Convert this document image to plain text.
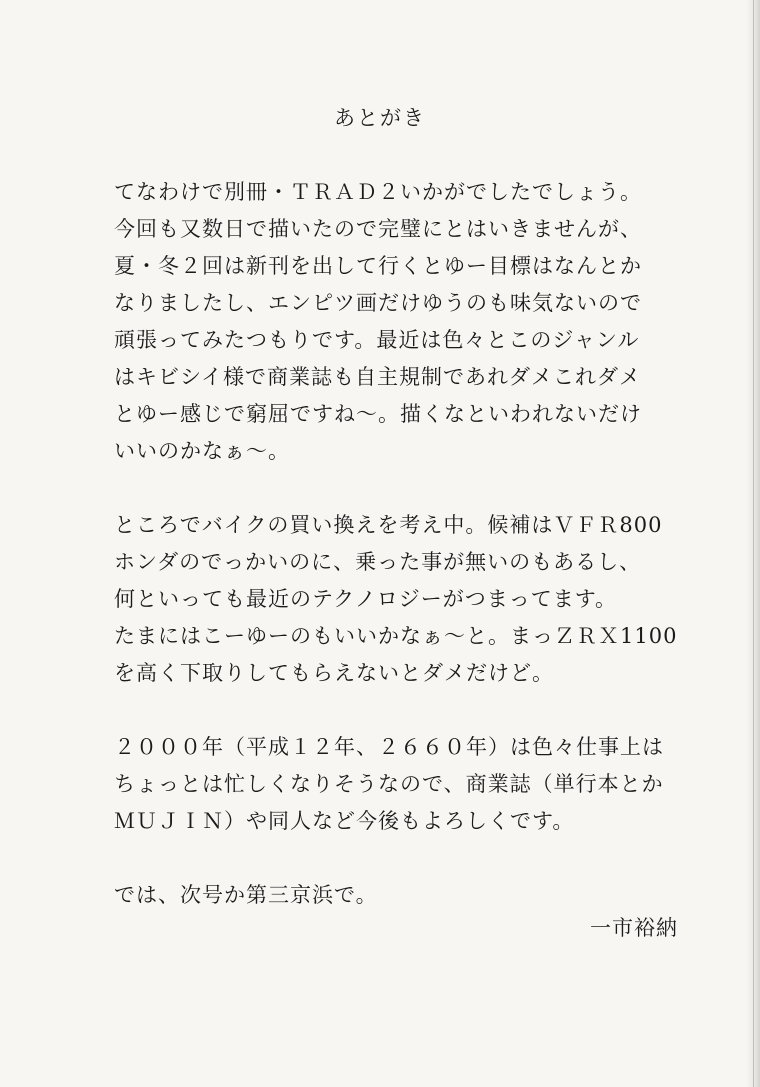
あとがき
てなわけで別冊・ＴＲＡＤ２いかがでしたでしょう。
今回も又数日で描いたので完璧にとはいきませんが、
夏・冬２回は新刊を出して行くとゆー目標はなんとか
なりましたし、エンピツ画だけゆうのも味気ないので
頑張ってみたつもりです。最近は色々とこのジャンル
はキビシイ様で商業誌も自主規制であれダメこれダメ
とゆー感じで窮屈ですね〜。描くなといわれないだけ
いいのかなぁ〜。
ところでバイクの買い換えを考え中。候補はＶＦＲ800
ホンダのでっかいのに、乗った事が無いのもあるし、
何といっても最近のテクノロジーがつまってます。
たまにはこーゆーのもいいかなぁ〜と。まっＺＲＸ1100
を高く下取りしてもらえないとダメだけど。
２０００年（平成１２年、２６６０年）は色々仕事上は
ちょっとは忙しくなりそうなので、商業誌（単行本とか
ＭＵＪＩＮ）や同人など今後もよろしくです。
では、次号か第三京浜で。
一市裕納
